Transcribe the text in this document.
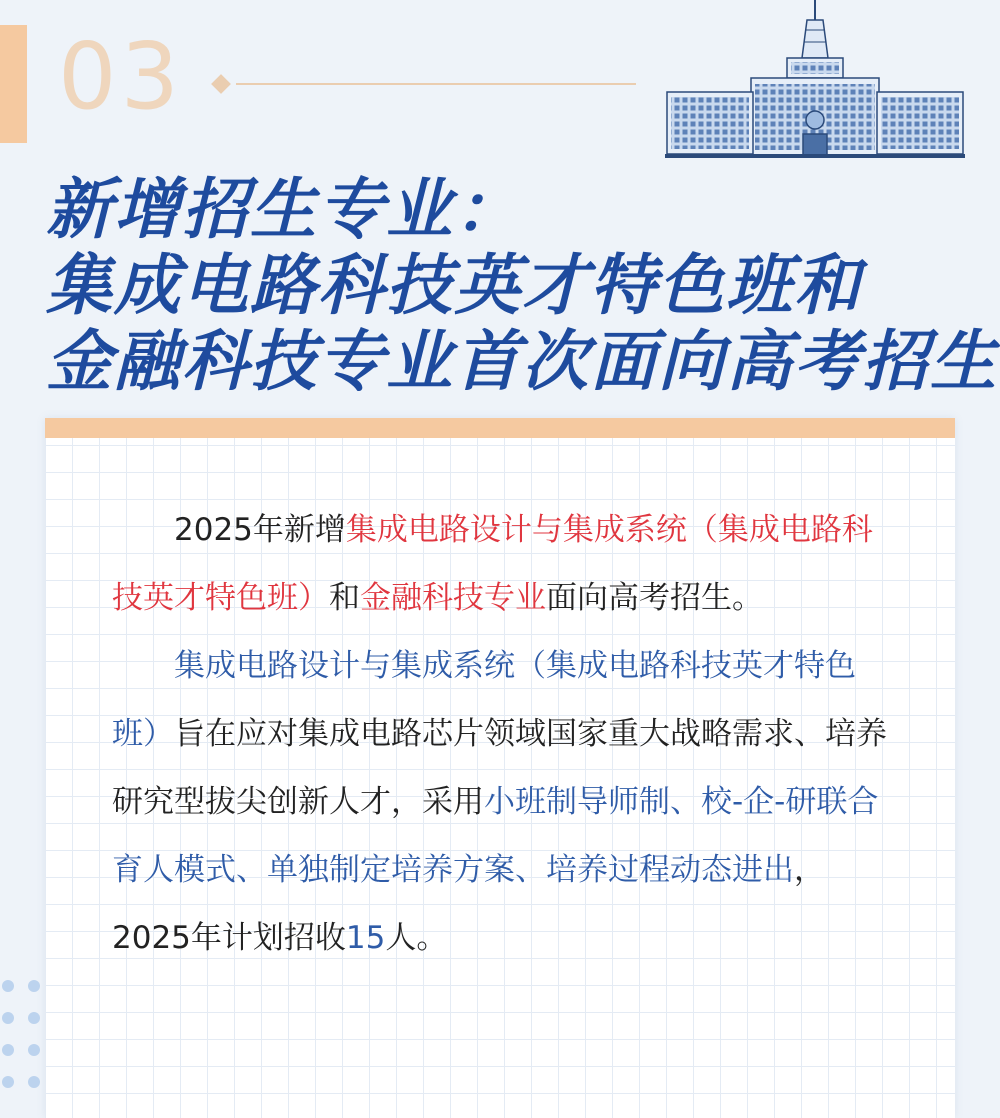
03
新增招生专业：
集成电路科技英才特色班和
金融科技专业首次面向高考招生

2025年新增集成电路设计与集成系统（集成电路科技英才特色班）和金融科技专业面向高考招生。

集成电路设计与集成系统（集成电路科技英才特色班）旨在应对集成电路芯片领域国家重大战略需求、培养研究型拔尖创新人才，采用小班制导师制、校-企-研联合育人模式、单独制定培养方案、培养过程动态进出，2025年计划招收15人。
